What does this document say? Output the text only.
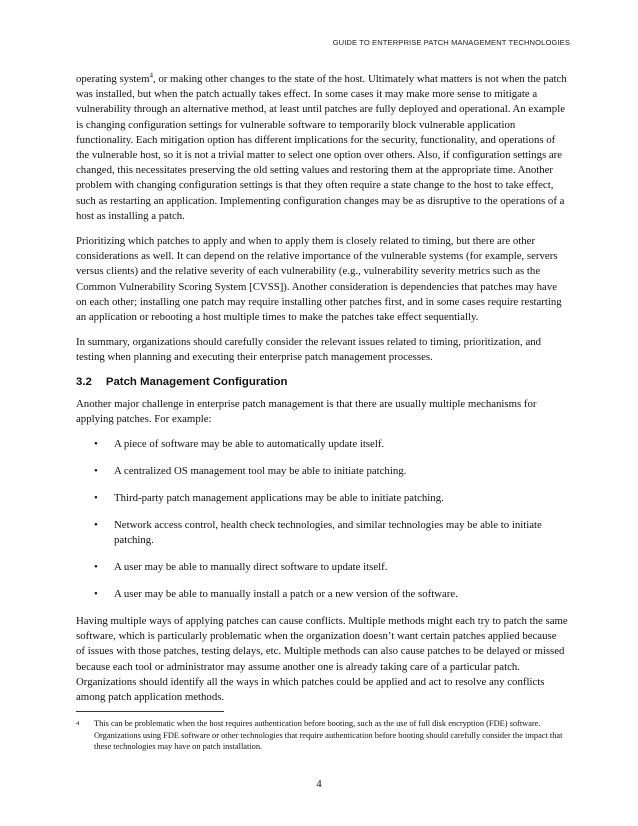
GUIDE TO ENTERPRISE PATCH MANAGEMENT TECHNOLOGIES

operating system$^4$, or making other changes to the state of the host. Ultimately what matters is not when the patch was installed, but when the patch actually takes effect. In some cases it may make more sense to mitigate a vulnerability through an alternative method, at least until patches are fully deployed and operational. An example is changing configuration settings for vulnerable software to temporarily block vulnerable application functionality. Each mitigation option has different implications for the security, functionality, and operations of the vulnerable host, so it is not a trivial matter to select one option over others. Also, if configuration settings are changed, this necessitates preserving the old setting values and restoring them at the appropriate time. Another problem with changing configuration settings is that they often require a state change to the host to take effect, such as restarting an application. Implementing configuration changes may be as disruptive to the operations of a host as installing a patch.

Prioritizing which patches to apply and when to apply them is closely related to timing, but there are other considerations as well. It can depend on the relative importance of the vulnerable systems (for example, servers versus clients) and the relative severity of each vulnerability (e.g., vulnerability severity metrics such as the Common Vulnerability Scoring System [CVSS]). Another consideration is dependencies that patches may have on each other; installing one patch may require installing other patches first, and in some cases require restarting an application or rebooting a host multiple times to make the patches take effect sequentially.

In summary, organizations should carefully consider the relevant issues related to timing, prioritization, and testing when planning and executing their enterprise patch management processes.

3.2 Patch Management Configuration

Another major challenge in enterprise patch management is that there are usually multiple mechanisms for applying patches. For example:

•	A piece of software may be able to automatically update itself.
•	A centralized OS management tool may be able to initiate patching.
•	Third-party patch management applications may be able to initiate patching.
•	Network access control, health check technologies, and similar technologies may be able to initiate patching.
•	A user may be able to manually direct software to update itself.
•	A user may be able to manually install a patch or a new version of the software.

Having multiple ways of applying patches can cause conflicts. Multiple methods might each try to patch the same software, which is particularly problematic when the organization doesn’t want certain patches applied because of issues with those patches, testing delays, etc. Multiple methods can also cause patches to be delayed or missed because each tool or administrator may assume another one is already taking care of a particular patch. Organizations should identify all the ways in which patches could be applied and act to resolve any conflicts among patch application methods.

4	This can be problematic when the host requires authentication before booting, such as the use of full disk encryption (FDE) software. Organizations using FDE software or other technologies that require authentication before booting should carefully consider the impact that these technologies may have on patch installation.
4
